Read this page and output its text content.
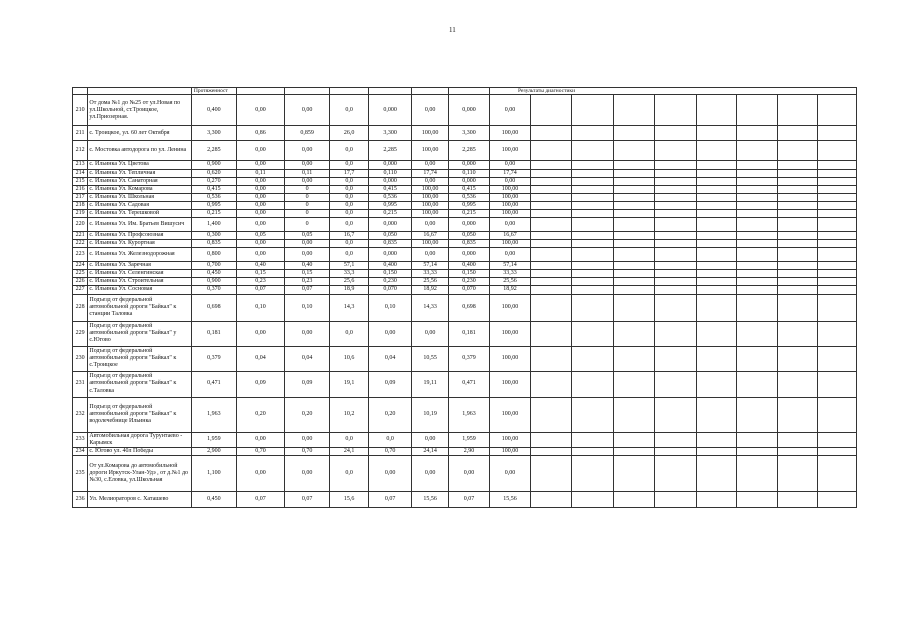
11
		Протяженност							Результаты диагностики								
210	От дома №1 до №25 от ул.Новая по ул.Школьной, ст.Троицкое, ул.Приозерная.	0,400	0,00	0,00	0,0	0,000	0,00	0,000	0,00								
211	с. Троицкое, ул. 60 лет Октября	3,300	0,86	0,859	26,0	3,300	100,00	3,300	100,00								
212	с. Мостовка автодорога по ул. Ленина	2,285	0,00	0,00	0,0	2,285	100,00	2,285	100,00								
213	с. Ильинка Ул. Цветова	0,900	0,00	0,00	0,0	0,000	0,00	0,000	0,00								
214	с. Ильинка Ул. Тепличная	0,620	0,11	0,11	17,7	0,110	17,74	0,110	17,74								
215	с. Ильинка Ул. Санаторная	0,270	0,00	0,00	0,0	0,000	0,00	0,000	0,00								
216	с. Ильинка Ул. Комарова	0,415	0,00	0	0,0	0,415	100,00	0,415	100,00								
217	с. Ильинка Ул. Школьная	0,536	0,00	0	0,0	0,536	100,00	0,536	100,00								
218	с. Ильинка Ул. Садовая	0,995	0,00	0	0,0	0,995	100,00	0,995	100,00								
219	с. Ильинка Ул. Терешковой	0,215	0,00	0	0,0	0,215	100,00	0,215	100,00								
220	с. Ильинка Ул. Им. Братьев Вишусич	1,400	0,00	0	0,0	0,000	0,00	0,000	0,00								
221	с. Ильинка Ул. Профсоюзная	0,300	0,05	0,05	16,7	0,050	16,67	0,050	16,67								
222	с. Ильинка Ул. Курортная	0,835	0,00	0,00	0,0	0,835	100,00	0,835	100,00								
223	с. Ильинка Ул. Железнодорожная	0,800	0,00	0,00	0,0	0,000	0,00	0,000	0,00								
224	с. Ильинка Ул. Заречная	0,700	0,40	0,40	57,1	0,400	57,14	0,400	57,14								
225	с. Ильинка Ул. Селенгинская	0,450	0,15	0,15	33,3	0,150	33,33	0,150	33,33								
226	с. Ильинка Ул. Строительная	0,900	0,23	0,23	25,6	0,230	25,56	0,230	25,56								
227	с. Ильинка Ул. Сосновая	0,370	0,07	0,07	18,9	0,070	18,92	0,070	18,92								
228	Подъезд от федеральной автомобильной дороги "Байкал" к станции Таловка	0,698	0,10	0,10	14,3	0,10	14,33	0,698	100,00								
229	Подъезд от федеральной автомобильной дороги "Байкал" у с.Югово	0,181	0,00	0,00	0,0	0,00	0,00	0,181	100,00								
230	Подъезд от федеральной автомобильной дороги "Байкал" к с.Троицкое	0,379	0,04	0,04	10,6	0,04	10,55	0,379	100,00								
231	Подъезд от федеральной автомобильной дороги "Байкал" к с.Таловка	0,471	0,09	0,09	19,1	0,09	19,11	0,471	100,00								
232	Подъезд от федеральной автомобильной дороги "Байкал" к водолечебнице Ильинка	1,963	0,20	0,20	10,2	0,20	10,19	1,963	100,00								
233	Автомобильная дорога Турунтаево - Карымск	1,959	0,00	0,00	0,0	0,0	0,00	1,959	100,00								
234	с. Югово ул. 40л Победы	2,900	0,70	0,70	24,1	0,70	24,14	2,90	100,00								
235	От ул.Комарова до автомобильной дороги Иркутск-Улан-Удэ , от д.№1 до №30, с.Еловка, ул.Школьная	1,100	0,00	0,00	0,0	0,00	0,00	0,00	0,00								
236	Ул. Мелиораторов с. Хаташево	0,450	0,07	0,07	15,6	0,07	15,56	0,07	15,56								
